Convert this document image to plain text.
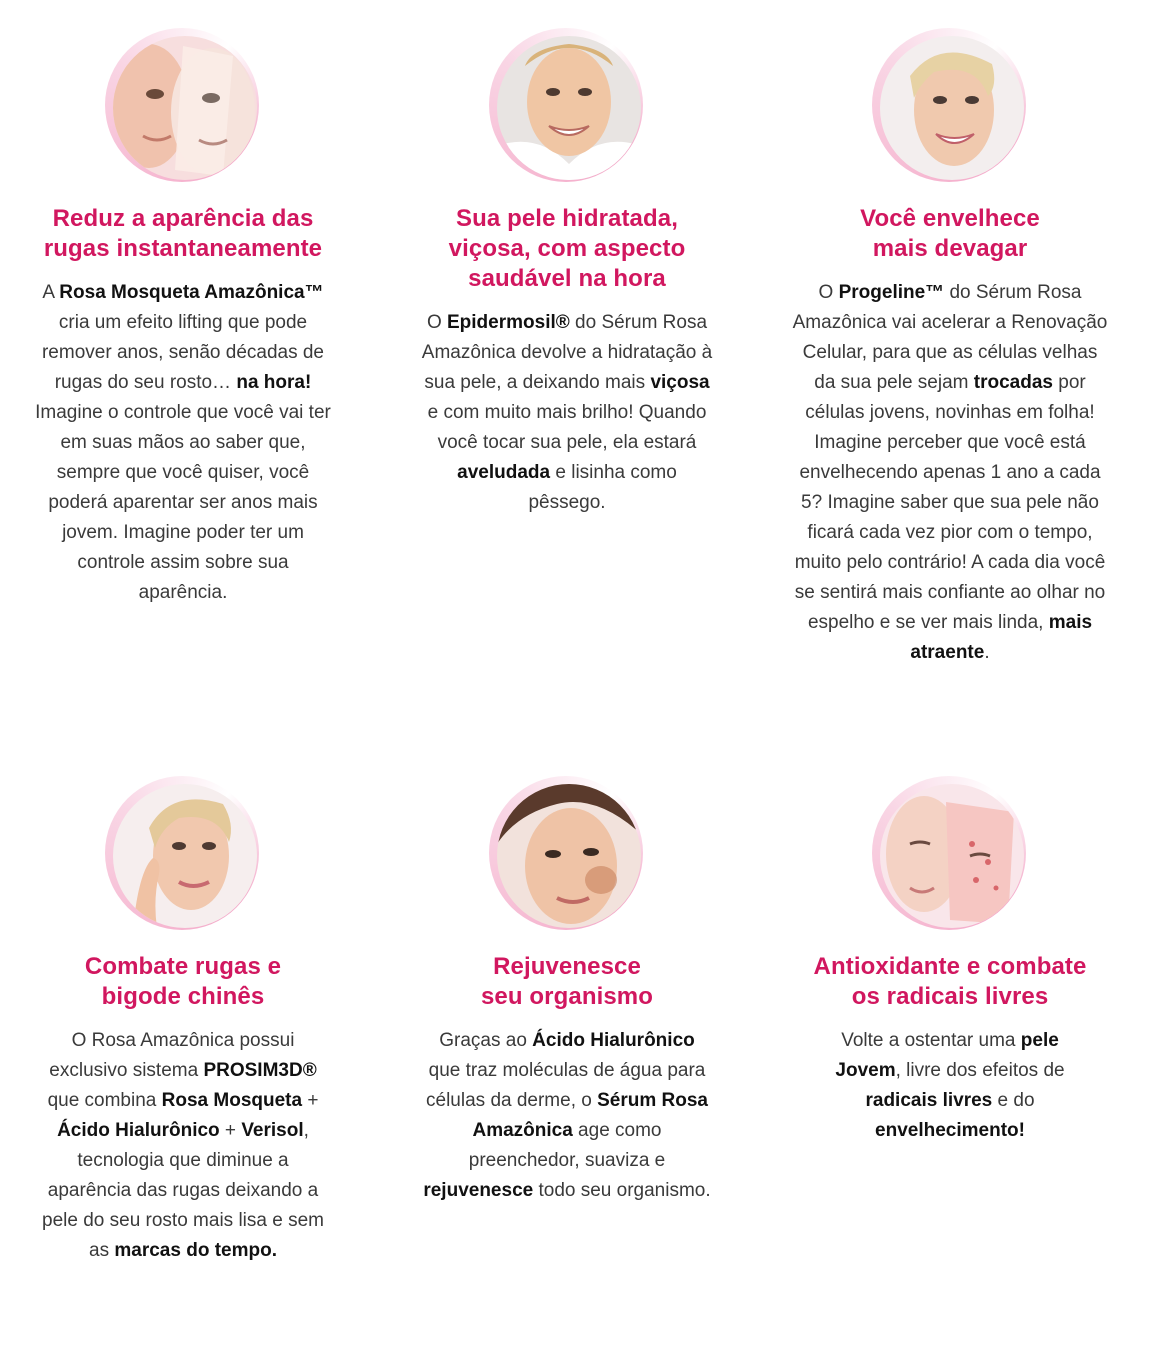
Reduz a aparência das
rugas instantaneamente
A Rosa Mosqueta Amazônica™ cria um efeito lifting que pode remover anos, senão décadas de rugas do seu rosto… na hora! Imagine o controle que você vai ter em suas mãos ao saber que, sempre que você quiser, você poderá aparentar ser anos mais jovem. Imagine poder ter um controle assim sobre sua aparência.
Sua pele hidratada,
viçosa, com aspecto
saudável na hora
O Epidermosil® do Sérum Rosa Amazônica devolve a hidratação à sua pele, a deixando mais viçosa e com muito mais brilho! Quando você tocar sua pele, ela estará aveludada e lisinha como pêssego.
Você envelhece
mais devagar
O Progeline™ do Sérum Rosa Amazônica vai acelerar a Renovação Celular, para que as células velhas da sua pele sejam trocadas por células jovens, novinhas em folha! Imagine perceber que você está envelhecendo apenas 1 ano a cada 5? Imagine saber que sua pele não ficará cada vez pior com o tempo, muito pelo contrário! A cada dia você se sentirá mais confiante ao olhar no espelho e se ver mais linda, mais atraente.
Combate rugas e
bigode chinês
O Rosa Amazônica possui exclusivo sistema PROSIM3D® que combina Rosa Mosqueta + Ácido Hialurônico + Verisol, tecnologia que diminue a aparência das rugas deixando a pele do seu rosto mais lisa e sem as marcas do tempo.
Rejuvenesce
seu organismo
Graças ao Ácido Hialurônico que traz moléculas de água para células da derme, o Sérum Rosa Amazônica age como preenchedor, suaviza e rejuvenesce todo seu organismo.
Antioxidante e combate
os radicais livres
Volte a ostentar uma pele Jovem, livre dos efeitos de radicais livres e do envelhecimento!
